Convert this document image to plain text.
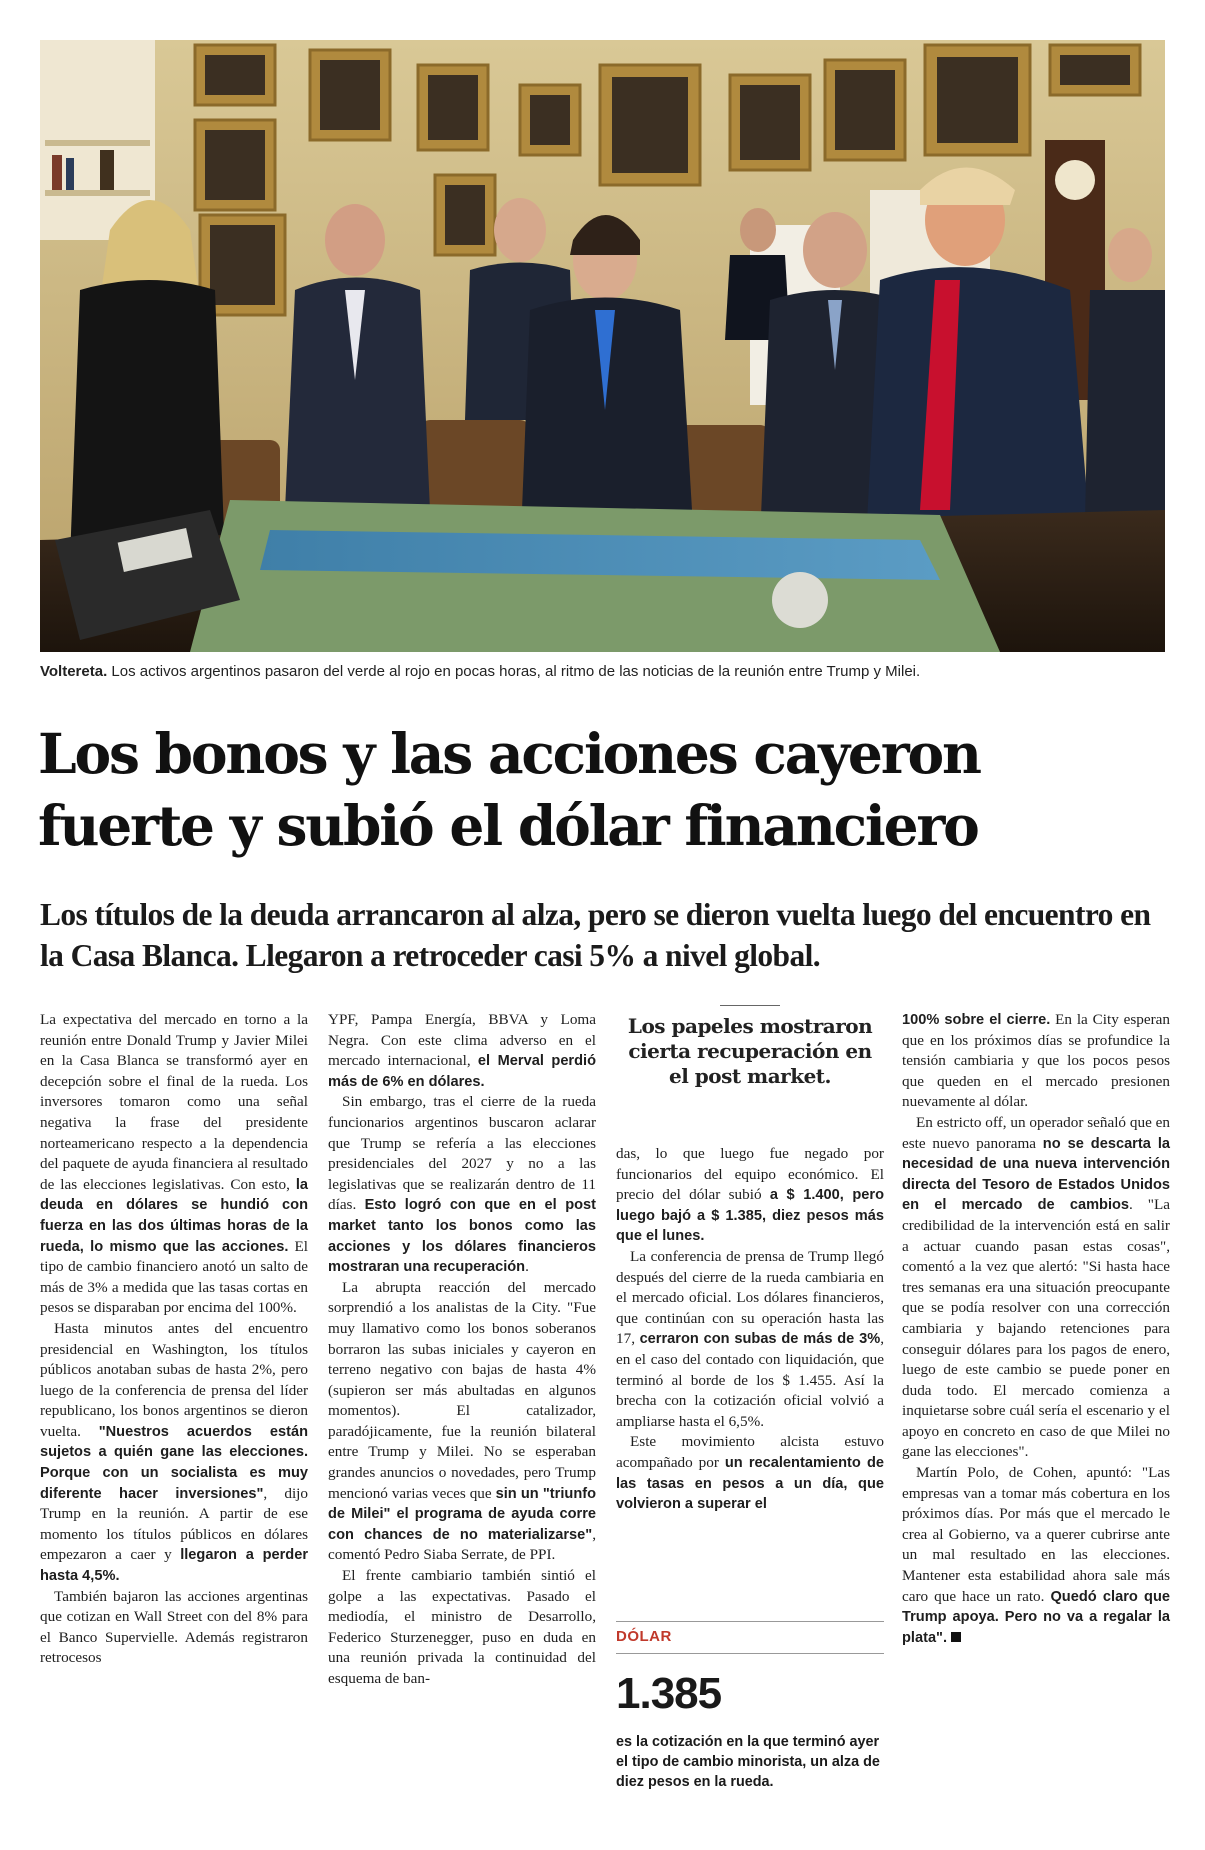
Voltereta. Los activos argentinos pasaron del verde al rojo en pocas horas, al ritmo de las noticias de la reunión entre Trump y Milei.
Los bonos y las acciones cayeron fuerte y subió el dólar financiero
Los títulos de la deuda arrancaron al alza, pero se dieron vuelta luego del encuentro en la Casa Blanca. Llegaron a retroceder casi 5% a nivel global.

La expectativa del mercado en torno a la reunión entre Donald Trump y Javier Milei en la Casa Blanca se transformó ayer en decepción sobre el final de la rueda. Los inversores tomaron como una señal negativa la frase del presidente norteamericano respecto a la dependencia del paquete de ayuda financiera al resultado de las elecciones legislativas. Con esto, la deuda en dólares se hundió con fuerza en las dos últimas horas de la rueda, lo mismo que las acciones. El tipo de cambio financiero anotó un salto de más de 3% a medida que las tasas cortas en pesos se disparaban por encima del 100%.

Hasta minutos antes del encuentro presidencial en Washington, los títulos públicos anotaban subas de hasta 2%, pero luego de la conferencia de prensa del líder republicano, los bonos argentinos se dieron vuelta. "Nuestros acuerdos están sujetos a quién gane las elecciones. Porque con un socialista es muy diferente hacer inversiones", dijo Trump en la reunión. A partir de ese momento los títulos públicos en dólares empezaron a caer y llegaron a perder hasta 4,5%.

También bajaron las acciones argentinas que cotizan en Wall Street con del 8% para el Banco Supervielle. Además registraron retrocesos

YPF, Pampa Energía, BBVA y Loma Negra. Con este clima adverso en el mercado internacional, el Merval perdió más de 6% en dólares.

Sin embargo, tras el cierre de la rueda funcionarios argentinos buscaron aclarar que Trump se refería a las elecciones presidenciales del 2027 y no a las legislativas que se realizarán dentro de 11 días. Esto logró con que en el post market tanto los bonos como las acciones y los dólares financieros mostraran una recuperación.

La abrupta reacción del mercado sorprendió a los analistas de la City. "Fue muy llamativo como los bonos soberanos borraron las subas iniciales y cayeron en terreno negativo con bajas de hasta 4% (supieron ser más abultadas en algunos momentos). El catalizador, paradójicamente, fue la reunión bilateral entre Trump y Milei. No se esperaban grandes anuncios o novedades, pero Trump mencionó varias veces que sin un "triunfo de Milei" el programa de ayuda corre con chances de no materializarse", comentó Pedro Siaba Serrate, de PPI.

El frente cambiario también sintió el golpe a las expectativas. Pasado el mediodía, el ministro de Desarrollo, Federico Sturzenegger, puso en duda en una reunión privada la continuidad del esquema de ban-

Los papeles mostraron cierta recuperación en el post market.

das, lo que luego fue negado por funcionarios del equipo económico. El precio del dólar subió a $ 1.400, pero luego bajó a $ 1.385, diez pesos más que el lunes.

La conferencia de prensa de Trump llegó después del cierre de la rueda cambiaria en el mercado oficial. Los dólares financieros, que continúan con su operación hasta las 17, cerraron con subas de más de 3%, en el caso del contado con liquidación, que terminó al borde de los $ 1.455. Así la brecha con la cotización oficial volvió a ampliarse hasta el 6,5%.

Este movimiento alcista estuvo acompañado por un recalentamiento de las tasas en pesos a un día, que volvieron a superar el

DÓLAR
1.385
es la cotización en la que terminó ayer el tipo de cambio minorista, un alza de diez pesos en la rueda.

100% sobre el cierre. En la City esperan que en los próximos días se profundice la tensión cambiaria y que los pocos pesos que queden en el mercado presionen nuevamente al dólar.

En estricto off, un operador señaló que en este nuevo panorama no se descarta la necesidad de una nueva intervención directa del Tesoro de Estados Unidos en el mercado de cambios. "La credibilidad de la intervención está en salir a actuar cuando pasan estas cosas", comentó a la vez que alertó: "Si hasta hace tres semanas era una situación preocupante que se podía resolver con una corrección cambiaria y bajando retenciones para conseguir dólares para los pagos de enero, luego de este cambio se puede poner en duda todo. El mercado comienza a inquietarse sobre cuál sería el escenario y el apoyo en concreto en caso de que Milei no gane las elecciones".

Martín Polo, de Cohen, apuntó: "Las empresas van a tomar más cobertura en los próximos días. Por más que el mercado le crea al Gobierno, va a querer cubrirse ante un mal resultado en las elecciones. Mantener esta estabilidad ahora sale más caro que hace un rato. Quedó claro que Trump apoya. Pero no va a regalar la plata".
